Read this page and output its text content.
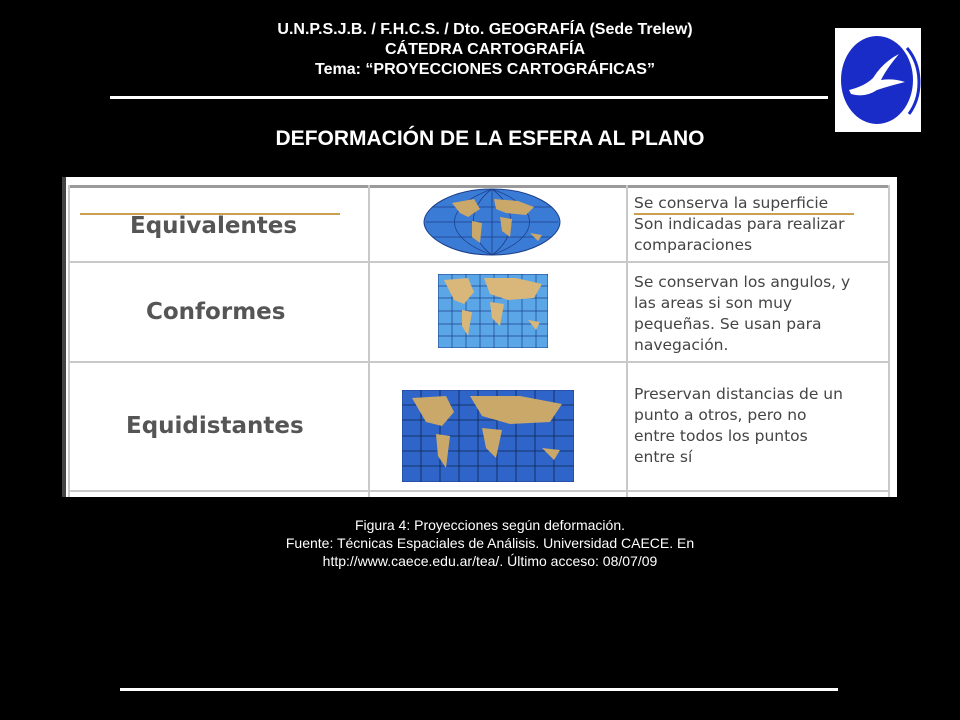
U.N.P.S.J.B. / F.H.C.S. / Dto. GEOGRAFÍA (Sede Trelew)
CÁTEDRA CARTOGRAFÍA
Tema: “PROYECCIONES CARTOGRÁFICAS”
DEFORMACIÓN DE LA ESFERA AL PLANO
Equivalentes
Conformes
Equidistantes
Se conserva la superficie
Son indicadas para realizar
comparaciones
Se conservan los angulos, y
las areas si son muy
pequeñas. Se usan para
navegación.
Preservan distancias de un
punto a otros, pero no
entre todos los puntos
entre sí
Figura 4: Proyecciones según deformación.
Fuente: Técnicas Espaciales de Análisis. Universidad CAECE. En
http://www.caece.edu.ar/tea/. Último acceso: 08/07/09
